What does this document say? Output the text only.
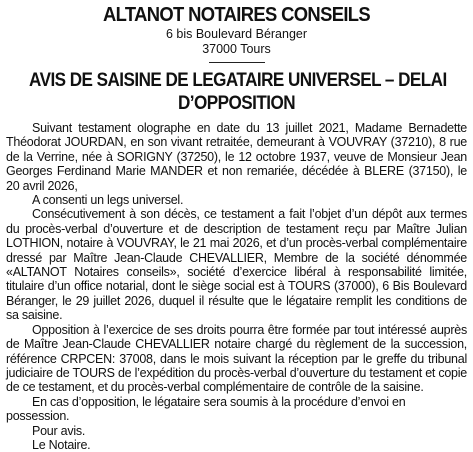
ALTANOT NOTAIRES CONSEILS
6 bis Boulevard Béranger
37000 Tours
AVIS DE SAISINE DE LEGATAIRE UNIVERSEL – DELAI
D’OPPOSITION

Suivant testament olographe en date du 13 juillet 2021, Madame Bernadette Théodorat JOURDAN, en son vivant retraitée, demeurant à VOUVRAY (37210), 8 rue de la Verrine, née à SORIGNY (37250), le 12 octobre 1937, veuve de Monsieur Jean Georges Ferdinand Marie MANDER et non remariée, décédée à BLERE (37150), le 20 avril 2026,

A consenti un legs universel.

Consécutivement à son décès, ce testament a fait l’objet d’un dépôt aux termes du procès-verbal d’ouverture et de description de testament reçu par Maître Julian LOTHION, notaire à VOUVRAY, le 21 mai 2026, et d’un procès-verbal complémentaire dressé par Maître Jean-Claude CHEVALLIER, Membre de la société dénommée «ALTANOT Notaires conseils», société d’exercice libéral à responsabilité limitée, titulaire d’un office notarial, dont le siège social est à TOURS (37000), 6 Bis Boulevard Béranger, le 29 juillet 2026, duquel il résulte que le légataire remplit les conditions de sa saisine.

Opposition à l’exercice de ses droits pourra être formée par tout intéressé auprès de Maître Jean-Claude CHEVALLIER notaire chargé du règlement de la succession, référence CRPCEN: 37008, dans le mois suivant la réception par le greffe du tribunal judiciaire de TOURS de l’expédition du procès-verbal d’ouverture du testament et copie de ce testament, et du procès-verbal complémentaire de contrôle de la saisine.

En cas d’opposition, le légataire sera soumis à la procédure d’envoi en possession.

Pour avis.

Le Notaire.
